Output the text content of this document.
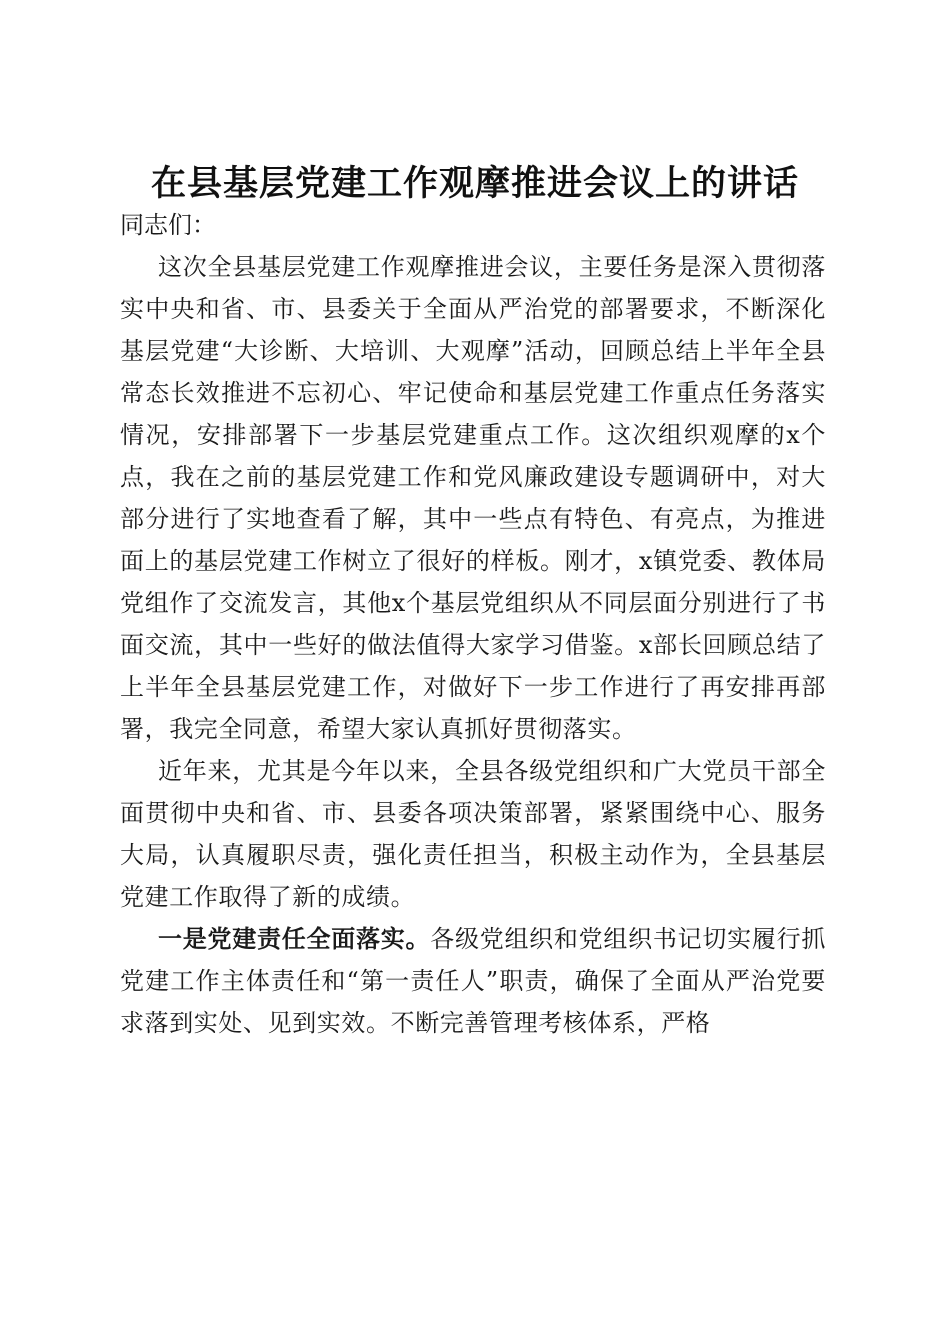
在县基层党建工作观摩推进会议上的讲话

同志们：

这次全县基层党建工作观摩推进会议，主要任务是深入贯彻落实中央和省、市、县委关于全面从严治党的部署要求，不断深化基层党建“大诊断、大培训、大观摩”活动，回顾总结上半年全县常态长效推进不忘初心、牢记使命和基层党建工作重点任务落实情况，安排部署下一步基层党建重点工作。这次组织观摩的x个点，我在之前的基层党建工作和党风廉政建设专题调研中，对大部分进行了实地查看了解，其中一些点有特色、有亮点，为推进面上的基层党建工作树立了很好的样板。刚才，x镇党委、教体局党组作了交流发言，其他x个基层党组织从不同层面分别进行了书面交流，其中一些好的做法值得大家学习借鉴。x部长回顾总结了上半年全县基层党建工作，对做好下一步工作进行了再安排再部署，我完全同意，希望大家认真抓好贯彻落实。

近年来，尤其是今年以来，全县各级党组织和广大党员干部全面贯彻中央和省、市、县委各项决策部署，紧紧围绕中心、服务大局，认真履职尽责，强化责任担当，积极主动作为，全县基层党建工作取得了新的成绩。

一是党建责任全面落实。各级党组织和党组织书记切实履行抓党建工作主体责任和“第一责任人”职责，确保了全面从严治党要求落到实处、见到实效。不断完善管理考核体系，严格
